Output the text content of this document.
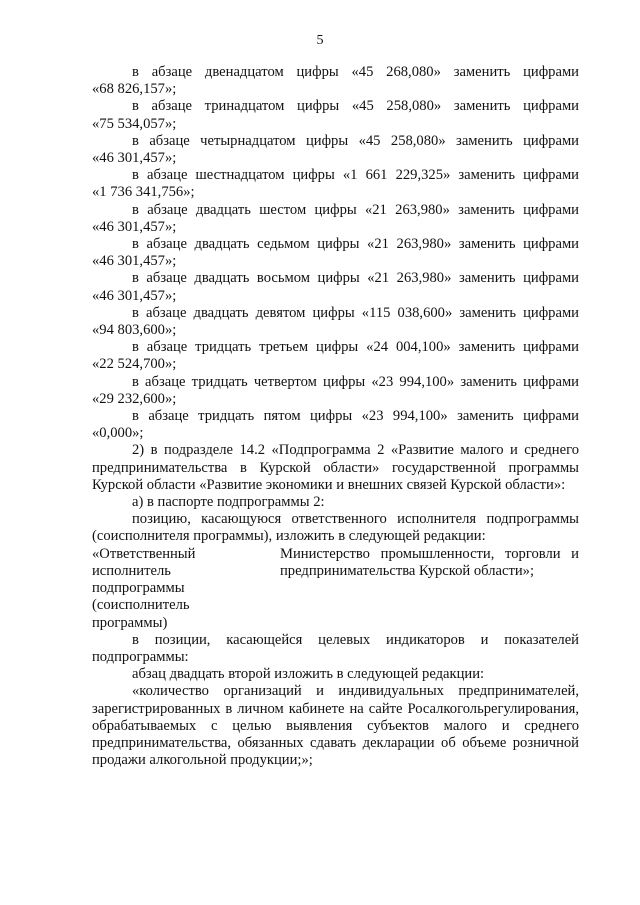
5
в абзаце двенадцатом цифры «45 268,080» заменить цифрами
«68 826,157»;
в абзаце тринадцатом цифры «45 258,080» заменить цифрами
«75 534,057»;
в абзаце четырнадцатом цифры «45 258,080» заменить цифрами
«46 301,457»;
в абзаце шестнадцатом цифры «1 661 229,325» заменить цифрами
«1 736 341,756»;
в абзаце двадцать шестом цифры «21 263,980» заменить цифрами
«46 301,457»;
в абзаце двадцать седьмом цифры «21 263,980» заменить цифрами
«46 301,457»;
в абзаце двадцать восьмом цифры «21 263,980» заменить цифрами
«46 301,457»;
в абзаце двадцать девятом цифры «115 038,600» заменить цифрами
«94 803,600»;
в абзаце тридцать третьем цифры «24 004,100» заменить цифрами
«22 524,700»;
в абзаце тридцать четвертом цифры «23 994,100» заменить цифрами
«29 232,600»;
в абзаце тридцать пятом цифры «23 994,100» заменить цифрами
«0,000»;

2) в подразделе 14.2 «Подпрограмма 2 «Развитие малого и среднего предпринимательства в Курской области» государственной программы Курской области «Развитие экономики и внешних связей Курской области»:

а) в паспорте подпрограммы 2:

позицию, касающуюся ответственного исполнителя подпрограммы (соисполнителя программы), изложить в следующей редакции:

«Ответственный
исполнитель
подпрограммы
(соисполнитель
программы)
Министерство промышленности, торговли и
предпринимательства Курской области»;

в позиции, касающейся целевых индикаторов и показателей подпрограммы:

абзац двадцать второй изложить в следующей редакции:

«количество организаций и индивидуальных предпринимателей, зарегистрированных в личном кабинете на сайте Росалкогольрегулирования, обрабатываемых с целью выявления субъектов малого и среднего предпринимательства, обязанных сдавать декларации об объеме розничной продажи алкогольной продукции;»;
